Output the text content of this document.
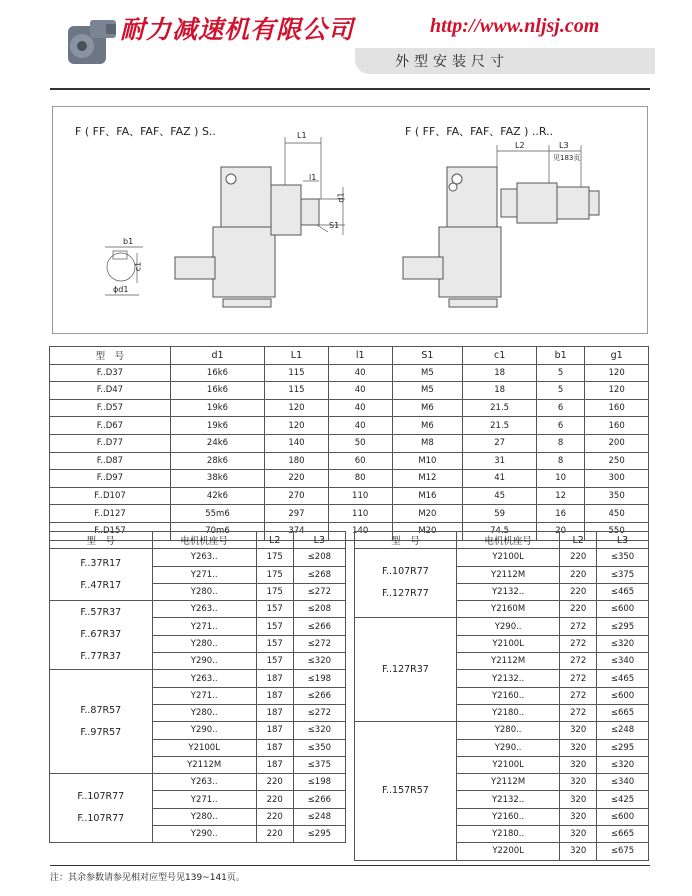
耐力减速机有限公司	http://www.nljsj.com
外型安装尺寸
F ( FF、FA、FAF、FAZ ) S..	F ( FF、FA、FAF、FAZ ) ..R..
L1
l1
d1
S1
b1
c1
ϕd1
L2	L3
见183页
型　号	d1	L1	l1	S1	c1	b1	g1
F..D37	16k6	115	40	M5	18	5	120
F..D47	16k6	115	40	M5	18	5	120
F..D57	19k6	120	40	M6	21.5	6	160
F..D67	19k6	120	40	M6	21.5	6	160
F..D77	24k6	140	50	M8	27	8	200
F..D87	28k6	180	60	M10	31	8	250
F..D97	38k6	220	80	M12	41	10	300
F..D107	42k6	270	110	M16	45	12	350
F..D127	55m6	297	110	M20	59	16	450
F..D157	70m6	374	140	M20	74.5	20	550
型　号	电机机座号	L2	L3

F..37R17
F..47R17	Y263..	175	≤208
	Y271..	175	≤268
	Y280..	175	≤272

F..57R37
F..67R37
F..77R37	Y263..	157	≤208
	Y271..	157	≤266
	Y280..	157	≤272
	Y290..	157	≤320

F..87R57
F..97R57	Y263..	187	≤198
	Y271..	187	≤266
	Y280..	187	≤272
	Y290..	187	≤320
	Y2100L	187	≤350
	Y2112M	187	≤375

F..107R77
F..107R77	Y263..	220	≤198
	Y271..	220	≤266
	Y280..	220	≤248
	Y290..	220	≤295
型　号	电机机座号	L2	L3

F..107R77
F..127R77	Y2100L	220	≤350
	Y2112M	220	≤375
	Y2132..	220	≤465
	Y2160M	220	≤600

F..127R37	Y290..	272	≤295
	Y2100L	272	≤320
	Y2112M	272	≤340
	Y2132..	272	≤465
	Y2160..	272	≤600
	Y2180..	272	≤665

F..157R57	Y280..	320	≤248
	Y290..	320	≤295
	Y2100L	320	≤320
	Y2112M	320	≤340
	Y2132..	320	≤425
	Y2160..	320	≤600
	Y2180..	320	≤665
	Y2200L	320	≤675
注：其余参数请参见相对应型号见139~141页。
